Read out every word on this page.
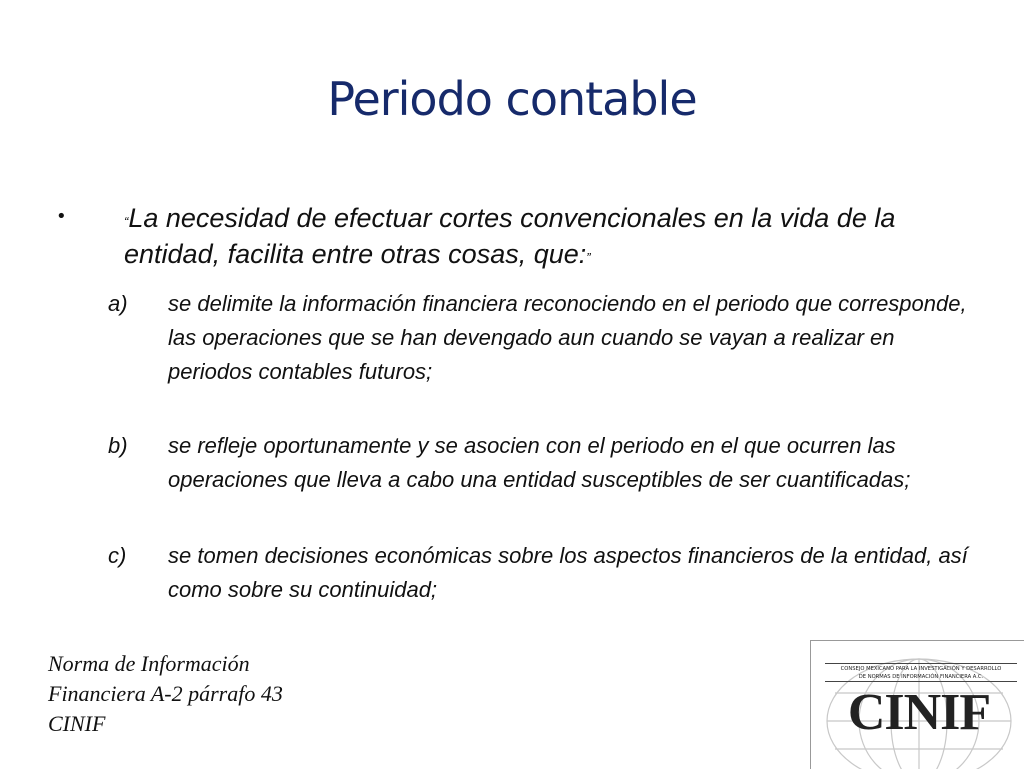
Periodo contable
•	“La necesidad de efectuar cortes convencionales en la vida de la entidad, facilita entre otras cosas, que:”
a) se delimite la información financiera reconociendo en el periodo que corresponde, las operaciones que se han devengado aun cuando se vayan a realizar en periodos contables futuros;
b) se refleje oportunamente y se asocien con el periodo en el que ocurren las operaciones que lleva a cabo una entidad susceptibles de ser cuantificadas;
c) se tomen decisiones económicas sobre los aspectos financieros de la entidad, así como sobre su continuidad;
Norma de Información
Financiera A-2 párrafo 43
CINIF
CONSEJO MEXICANO PARA LA INVESTIGACIÓN Y DESARROLLO
DE NORMAS DE INFORMACIÓN FINANCIERA A.C.
CINIF
